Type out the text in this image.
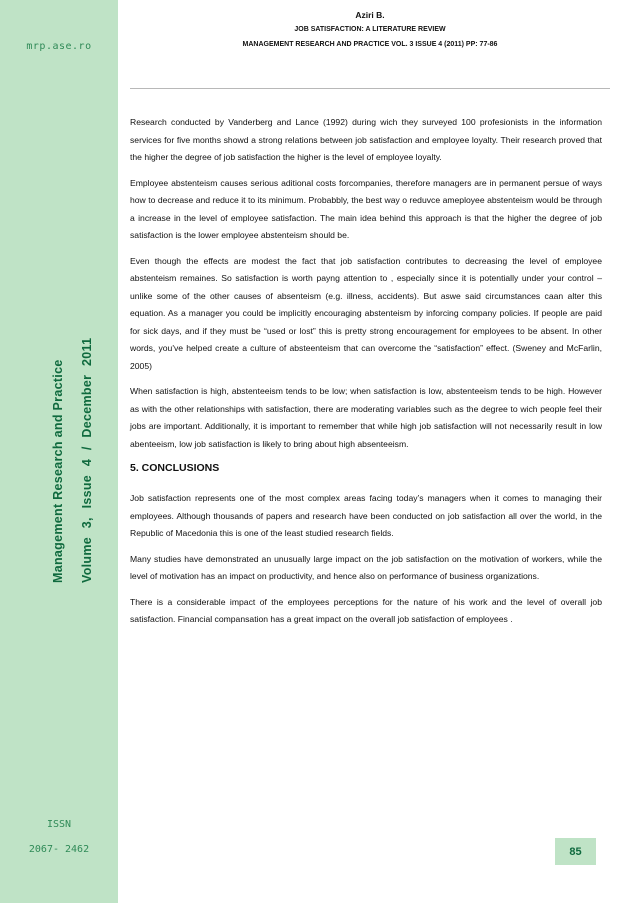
mrp.ase.ro
Management Research and Practice	Volume 3, Issue 4 / December 2011
ISSN
2067- 2462
Aziri B.
JOB SATISFACTION: A LITERATURE REVIEW
MANAGEMENT RESEARCH AND PRACTICE VOL. 3 ISSUE 4 (2011) PP: 77-86

Research conducted by Vanderberg and Lance (1992) during wich they surveyed 100 profesionists in the information services for five months showd a strong relations between job satisfaction and employee loyalty. Their research proved that the higher the degree of job satisfaction the higher is the level of employee loyalty.

Employee abstenteism causes serious aditional costs forcompanies, therefore managers are in permanent persue of ways how to decrease and reduce it to its minimum. Probabbly, the best way o reduvce ameployee abstenteism would be through a increase in the level of employee satisfaction. The main idea behind this approach is that the higher the degree of job satisfaction is the lower employee abstenteism should be.

Even though the effects are modest the fact that job satisfaction contributes to decreasing the level of employee abstenteism remaines. So satisfaction is worth payng attention to , especially since it is potentially under your control – unlike some of the other causes of absenteism (e.g. illness, accidents). But aswe said circumstances caan alter this equation. As a manager you could be implicitly encouraging abstenteism by inforcing company policies. If people are paid for sick days, and if they must be “used or lost” this is pretty strong encouragement for employees to be absent. In other words, you've helped create a culture of absteenteism that can overcome the “satisfaction” effect. (Sweney and McFarlin, 2005)

When satisfaction is high, abstenteeism tends to be low; when satisfaction is low, abstenteeism tends to be high. However as with the other relationships with satisfaction, there are moderating variables such as the degree to wich people feel their jobs are important. Additionally, it is important to remember that while high job satisfaction will not necessarily result in low abenteeism, low job satisfaction is likely to bring about high absenteeism.

5. CONCLUSIONS

Job satisfaction represents one of the most complex areas facing today’s managers when it comes to managing their employees. Although thousands of papers and research have been conducted on job satisfaction all over the world, in the Republic of Macedonia this is one of the least studied research fields.

Many studies have demonstrated an unusually large impact on the job satisfaction on the motivation of workers, while the level of motivation has an impact on productivity, and hence also on performance of business organizations.

There is a considerable impact of the employees perceptions for the nature of his work and the level of overall job satisfaction. Financial compansation has a great impact on the overall job satisfaction of employees .

85
